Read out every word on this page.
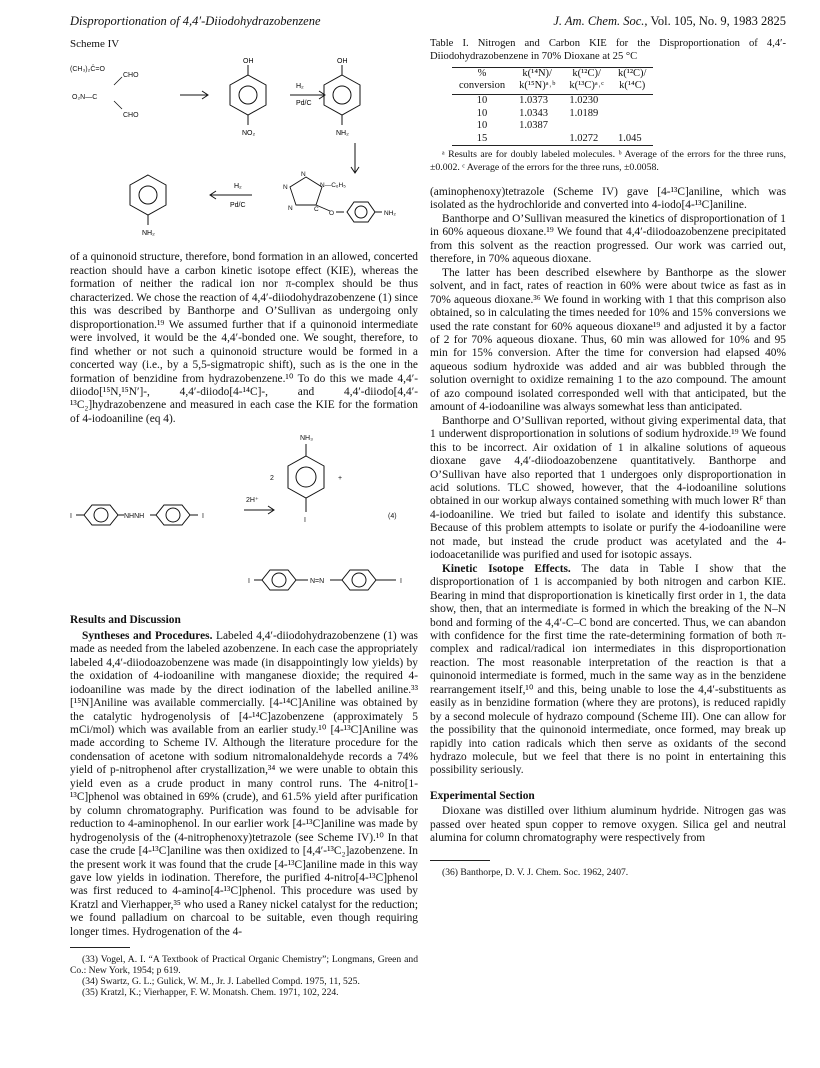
Disproportionation of 4,4′-Diiodohydrazobenzene	J. Am. Chem. Soc., Vol. 105, No. 9, 1983 2825
Scheme IV
(CH₃)₂Ĉ=O
CHO
O₂N—C
CHO
OH
NO₂
H₂
Pd/C
OH
NH₂
NH₂
H₂
Pd/C
N
N	N—C₆H₅
N	C
O	NH₂

of a quinonoid structure, therefore, bond formation in an allowed, concerted reaction should have a carbon kinetic isotope effect (KIE), whereas the formation of neither the radical ion nor π-complex should be thus characterized. We chose the reaction of 4,4′-diiodohydrazobenzene (1) since this was described by Banthorpe and O’Sullivan as undergoing only disproportionation.¹⁹ We assumed further that if a quinonoid intermediate were involved, it would be the 4,4′-bonded one. We sought, therefore, to find whether or not such a quinonoid structure would be formed in a concerted way (i.e., by a 5,5-sigmatropic shift), such as is the one in the formation of benzidine from hydrazobenzene.¹⁰ To do this we made 4,4′-diiodo[¹⁵N,¹⁵N′]-, 4,4′-diiodo[4-¹⁴C]-, and 4,4′-diiodo[4,4′-¹³C₂]hydrazobenzene and measured in each case the KIE for the formation of 4-iodoaniline (eq 4).

I	NHNH	I
2H⁺
NH₃
2	+
I
(4)
I	N=N	I
Results and Discussion

Syntheses and Procedures. Labeled 4,4′-diiodohydrazobenzene (1) was made as needed from the labeled azobenzene. In each case the appropriately labeled 4,4′-diiodoazobenzene was made (in disappointingly low yields) by the oxidation of 4-iodoaniline with manganese dioxide; the required 4-iodoaniline was made by the direct iodination of the labelled aniline.³³ [¹⁵N]Aniline was available commercially. [4-¹⁴C]Aniline was obtained by the catalytic hydrogenolysis of [4-¹⁴C]azobenzene (approximately 5 mCi/mol) which was available from an earlier study.¹⁰ [4-¹³C]Aniline was made according to Scheme IV. Although the literature procedure for the condensation of acetone with sodium nitromalonaldehyde records a 74% yield of p-nitrophenol after crystallization,³⁴ we were unable to obtain this yield even as a crude product in many control runs. The 4-nitro[1-¹³C]phenol was obtained in 69% (crude), and 61.5% yield after purification by column chromatography. Purification was found to be advisable for reduction to 4-aminophenol. In our earlier work [4-¹³C]aniline was made by hydrogenolysis of the (4-nitrophenoxy)tetrazole (see Scheme IV).¹⁰ In that case the crude [4-¹³C]aniline was then oxidized to [4,4′-¹³C₂]azobenzene. In the present work it was found that the crude [4-¹³C]aniline made in this way gave low yields in iodination. Therefore, the purified 4-nitro[4-¹³C]phenol was first reduced to 4-amino[4-¹³C]phenol. This procedure was used by Kratzl and Vierhapper,³⁵ who used a Raney nickel catalyst for the reduction; we found palladium on charcoal to be suitable, even though requiring longer times. Hydrogenation of the 4-

(33) Vogel, A. I. “A Textbook of Practical Organic Chemistry”; Longmans, Green and Co.: New York, 1954; p 619.

(34) Swartz, G. L.; Gulick, W. M., Jr. J. Labelled Compd. 1975, 11, 525.

(35) Kratzl, K.; Vierhapper, F. W. Monatsh. Chem. 1971, 102, 224.

Table I. Nitrogen and Carbon KIE for the Disproportionation of 4,4′-Diiodohydrazobenzene in 70% Dioxane at 25 °C

%	k(¹⁴N)/	k(¹²C)/	k(¹²C)/
conversion	k(¹⁵N)ᵃ˒ᵇ	k(¹³C)ᵃ˒ᶜ	k(¹⁴C)
10	1.0373	1.0230	
10	1.0343	1.0189	
10	1.0387		
15		1.0272	1.045

ᵃ Results are for doubly labeled molecules. ᵇ Average of the errors for the three runs, ±0.002. ᶜ Average of the errors for the three runs, ±0.0058.

(aminophenoxy)tetrazole (Scheme IV) gave [4-¹³C]aniline, which was isolated as the hydrochloride and converted into 4-iodo[4-¹³C]aniline.

Banthorpe and O’Sullivan measured the kinetics of disproportionation of 1 in 60% aqueous dioxane.¹⁹ We found that 4,4′-diiodoazobenzene precipitated from this solvent as the reaction progressed. Our work was carried out, therefore, in 70% aqueous dioxane.

The latter has been described elsewhere by Banthorpe as the slower solvent, and in fact, rates of reaction in 60% were about twice as fast as in 70% aqueous dioxane.³⁶ We found in working with 1 that this comprison also obtained, so in calculating the times needed for 10% and 15% conversions we used the rate constant for 60% aqueous dioxane¹⁹ and adjusted it by a factor of 2 for 70% aqueous dioxane. Thus, 60 min was allowed for 10% and 95 min for 15% conversion. After the time for conversion had elapsed 40% aqueous sodium hydroxide was added and air was bubbled through the solution overnight to oxidize remaining 1 to the azo compound. The amount of azo compound isolated corresponded well with that anticipated, but the amount of 4-iodoaniline was always somewhat less than anticipated.

Banthorpe and O’Sullivan reported, without giving experimental data, that 1 underwent disproportionation in solutions of sodium hydroxide.¹⁹ We found this to be incorrect. Air oxidation of 1 in alkaline solutions of aqueous dioxane gave 4,4′-diiodoazobenzene quantitatively. Banthorpe and O’Sullivan have also reported that 1 undergoes only disproportionation in acid solutions. TLC showed, however, that the 4-iodoaniline solutions obtained in our workup always contained something with much lower Rꟳ than 4-iodoaniline. We tried but failed to isolate and identify this substance. Because of this problem attempts to isolate or purify the 4-iodoaniline were not made, but instead the crude product was acetylated and the 4-iodoacetanilide was purified and used for isotopic assays.

Kinetic Isotope Effects. The data in Table I show that the disproportionation of 1 is accompanied by both nitrogen and carbon KIE. Bearing in mind that disproportionation is kinetically first order in 1, the data show, then, that an intermediate is formed in which the breaking of the N–N bond and forming of the 4,4′-C–C bond are concerted. Thus, we can abandon with confidence for the first time the rate-determining formation of both π-complex and radical/radical ion intermediates in this disproportionation reaction. The most reasonable interpretation of the reaction is that a quinonoid intermediate is formed, much in the same way as in the benzidene rearrangement itself,¹⁰ and this, being unable to lose the 4,4′-substituents as easily as in benzidine formation (where they are protons), is reduced rapidly by a second molecule of hydrazo compound (Scheme III). One can allow for the possibility that the quinonoid intermediate, once formed, may break up rapidly into cation radicals which then serve as oxidants of the second hydrazo molecule, but we feel that there is no point in entertaining this possibility seriously.

Experimental Section

Dioxane was distilled over lithium aluminum hydride. Nitrogen gas was passed over heated spun copper to remove oxygen. Silica gel and neutral alumina for column chromatography were respectively from

(36) Banthorpe, D. V. J. Chem. Soc. 1962, 2407.
